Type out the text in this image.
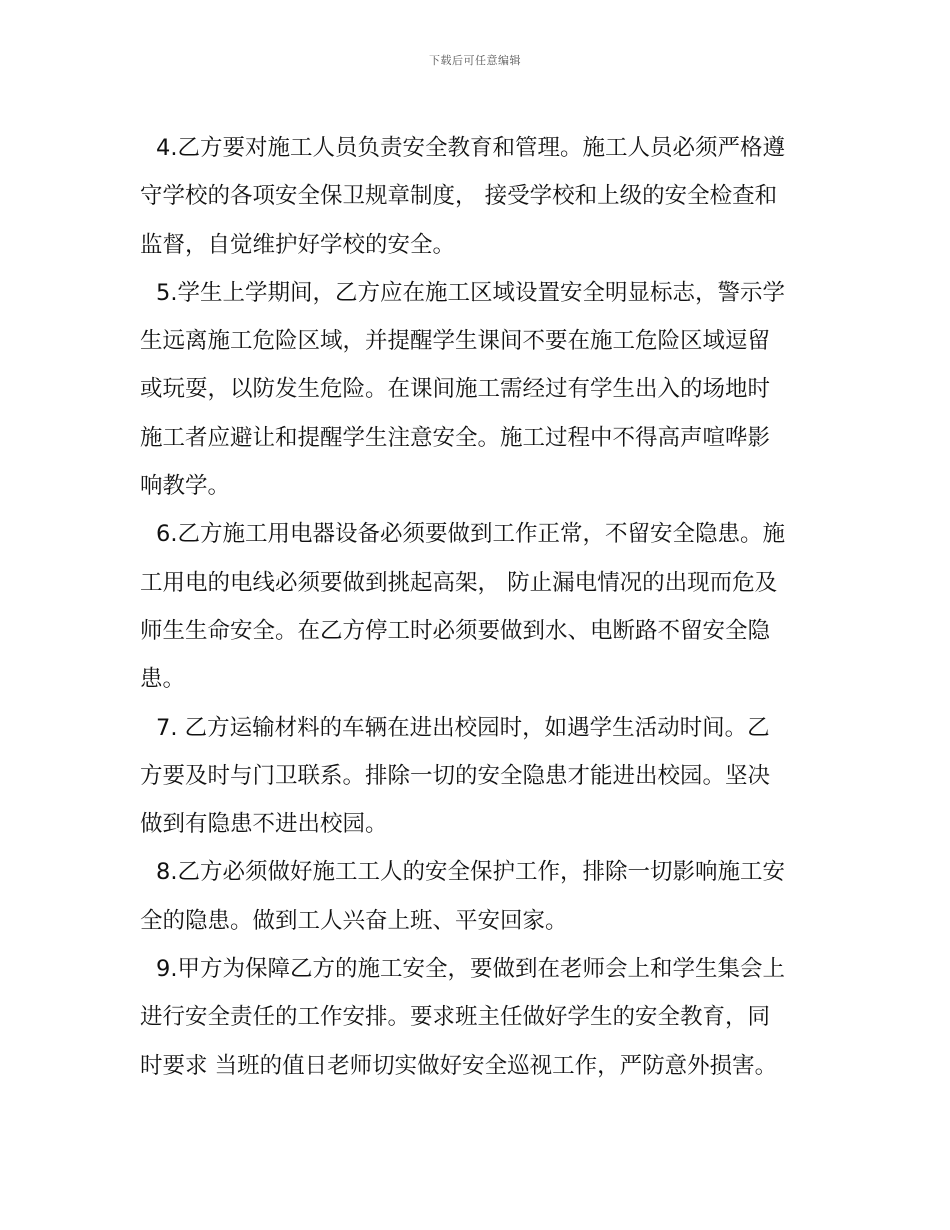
下载后可任意编辑

4.乙方要对施工人员负责安全教育和管理。施工人员必须严格遵
守学校的各项安全保卫规章制度， 接受学校和上级的安全检查和
监督，自觉维护好学校的安全。

5.学生上学期间，乙方应在施工区域设置安全明显标志，警示学
生远离施工危险区域，并提醒学生课间不要在施工危险区域逗留
或玩耍，以防发生危险。在课间施工需经过有学生出入的场地时
施工者应避让和提醒学生注意安全。施工过程中不得高声喧哗影
响教学。

6.乙方施工用电器设备必须要做到工作正常，不留安全隐患。施
工用电的电线必须要做到挑起高架， 防止漏电情况的出现而危及
师生生命安全。在乙方停工时必须要做到水、电断路不留安全隐
患。

7. 乙方运输材料的车辆在进出校园时，如遇学生活动时间。乙
方要及时与门卫联系。排除一切的安全隐患才能进出校园。坚决
做到有隐患不进出校园。

8.乙方必须做好施工工人的安全保护工作，排除一切影响施工安
全的隐患。做到工人兴奋上班、平安回家。

9.甲方为保障乙方的施工安全，要做到在老师会上和学生集会上
进行安全责任的工作安排。要求班主任做好学生的安全教育，同
时要求 当班的值日老师切实做好安全巡视工作，严防意外损害。
